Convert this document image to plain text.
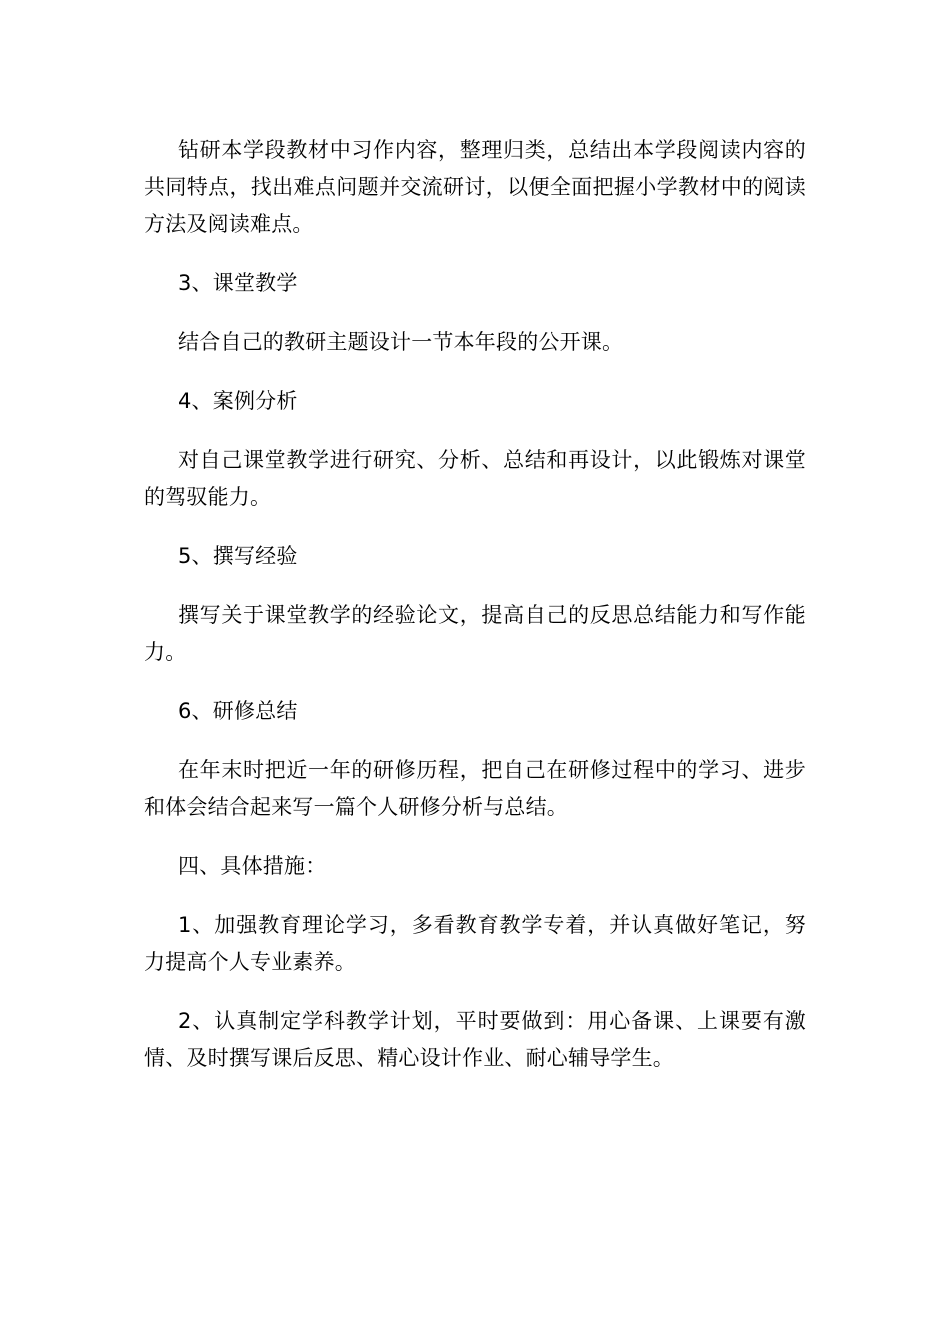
钻研本学段教材中习作内容，整理归类，总结出本学段阅读内容的共同特点，找出难点问题并交流研讨，以便全面把握小学教材中的阅读方法及阅读难点。

3、课堂教学

结合自己的教研主题设计一节本年段的公开课。

4、案例分析

对自己课堂教学进行研究、分析、总结和再设计，以此锻炼对课堂的驾驭能力。

5、撰写经验

撰写关于课堂教学的经验论文，提高自己的反思总结能力和写作能力。

6、研修总结

在年末时把近一年的研修历程，把自己在研修过程中的学习、进步和体会结合起来写一篇个人研修分析与总结。

四、具体措施：

1、加强教育理论学习，多看教育教学专着，并认真做好笔记，努力提高个人专业素养。

2、认真制定学科教学计划，平时要做到：用心备课、上课要有激情、及时撰写课后反思、精心设计作业、耐心辅导学生。
